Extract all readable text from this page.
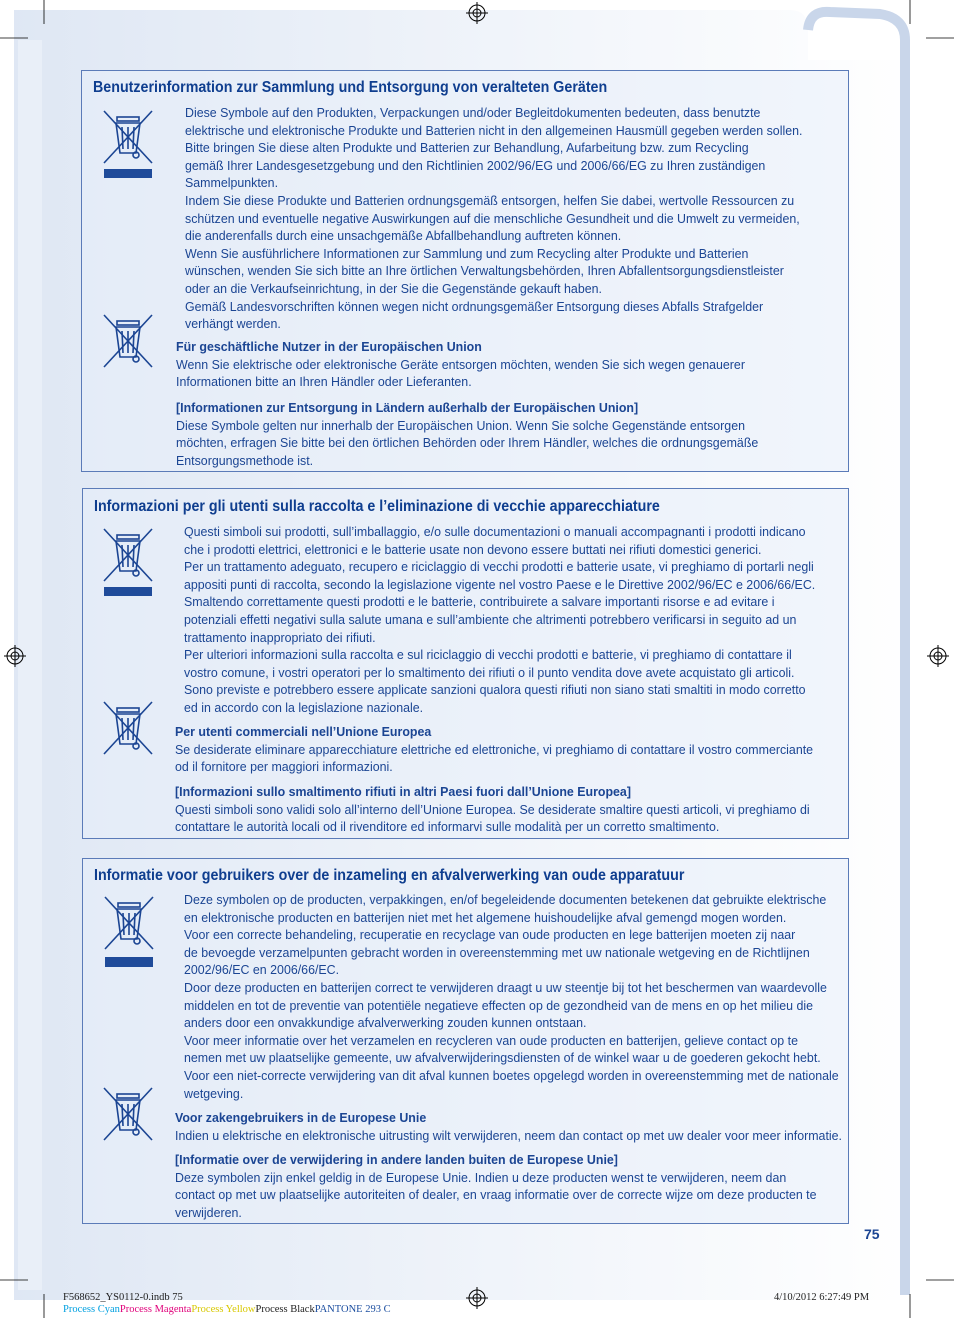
Benutzerinformation zur Sammlung und Entsorgung von veralteten Geräten
Diese Symbole auf den Produkten, Verpackungen und/oder Begleitdokumenten bedeuten, dass benutzte
elektrische und elektronische Produkte und Batterien nicht in den allgemeinen Hausmüll gegeben werden sollen.
Bitte bringen Sie diese alten Produkte und Batterien zur Behandlung, Aufarbeitung bzw. zum Recycling
gemäß Ihrer Landesgesetzgebung und den Richtlinien 2002/96/EG und 2006/66/EG zu Ihren zuständigen
Sammelpunkten.
Indem Sie diese Produkte und Batterien ordnungsgemäß entsorgen, helfen Sie dabei, wertvolle Ressourcen zu
schützen und eventuelle negative Auswirkungen auf die menschliche Gesundheit und die Umwelt zu vermeiden,
die anderenfalls durch eine unsachgemäße Abfallbehandlung auftreten können.
Wenn Sie ausführlichere Informationen zur Sammlung und zum Recycling alter Produkte und Batterien
wünschen, wenden Sie sich bitte an Ihre örtlichen Verwaltungsbehörden, Ihren Abfallentsorgungsdienstleister
oder an die Verkaufseinrichtung, in der Sie die Gegenstände gekauft haben.
Gemäß Landesvorschriften können wegen nicht ordnungsgemäßer Entsorgung dieses Abfalls Strafgelder
verhängt werden.
Für geschäftliche Nutzer in der Europäischen Union
Wenn Sie elektrische oder elektronische Geräte entsorgen möchten, wenden Sie sich wegen genauerer
Informationen bitte an Ihren Händler oder Lieferanten.
[Informationen zur Entsorgung in Ländern außerhalb der Europäischen Union]
Diese Symbole gelten nur innerhalb der Europäischen Union. Wenn Sie solche Gegenstände entsorgen
möchten, erfragen Sie bitte bei den örtlichen Behörden oder Ihrem Händler, welches die ordnungsgemäße
Entsorgungsmethode ist.
Informazioni per gli utenti sulla raccolta e l’eliminazione di vecchie apparecchiature
Questi simboli sui prodotti, sull’imballaggio, e/o sulle documentazioni o manuali accompagnanti i prodotti indicano
che i prodotti elettrici, elettronici e le batterie usate non devono essere buttati nei rifiuti domestici generici.
Per un trattamento adeguato, recupero e riciclaggio di vecchi prodotti e batterie usate, vi preghiamo di portarli negli
appositi punti di raccolta, secondo la legislazione vigente nel vostro Paese e le Direttive 2002/96/EC e 2006/66/EC.
Smaltendo correttamente questi prodotti e le batterie, contribuirete a salvare importanti risorse e ad evitare i
potenziali effetti negativi sulla salute umana e sull’ambiente che altrimenti potrebbero verificarsi in seguito ad un
trattamento inappropriato dei rifiuti.
Per ulteriori informazioni sulla raccolta e sul riciclaggio di vecchi prodotti e batterie, vi preghiamo di contattare il
vostro comune, i vostri operatori per lo smaltimento dei rifiuti o il punto vendita dove avete acquistato gli articoli.
Sono previste e potrebbero essere applicate sanzioni qualora questi rifiuti non siano stati smaltiti in modo corretto
ed in accordo con la legislazione nazionale.
Per utenti commerciali nell’Unione Europea
Se desiderate eliminare apparecchiature elettriche ed elettroniche, vi preghiamo di contattare il vostro commerciante
od il fornitore per maggiori informazioni.
[Informazioni sullo smaltimento rifiuti in altri Paesi fuori dall’Unione Europea]
Questi simboli sono validi solo all’interno dell’Unione Europea. Se desiderate smaltire questi articoli, vi preghiamo di
contattare le autorità locali od il rivenditore ed informarvi sulle modalità per un corretto smaltimento.
Informatie voor gebruikers over de inzameling en afvalverwerking van oude apparatuur
Deze symbolen op de producten, verpakkingen, en/of begeleidende documenten betekenen dat gebruikte elektrische
en elektronische producten en batterijen niet met het algemene huishoudelijke afval gemengd mogen worden.
Voor een correcte behandeling, recuperatie en recyclage van oude producten en lege batterijen moeten zij naar
de bevoegde verzamelpunten gebracht worden in overeenstemming met uw nationale wetgeving en de Richtlijnen
2002/96/EC en 2006/66/EC.
Door deze producten en batterijen correct te verwijderen draagt u uw steentje bij tot het beschermen van waardevolle
middelen en tot de preventie van potentiële negatieve effecten op de gezondheid van de mens en op het milieu die
anders door een onvakkundige afvalverwerking zouden kunnen ontstaan.
Voor meer informatie over het verzamelen en recycleren van oude producten en batterijen, gelieve contact op te
nemen met uw plaatselijke gemeente, uw afvalverwijderingsdiensten of de winkel waar u de goederen gekocht hebt.
Voor een niet-correcte verwijdering van dit afval kunnen boetes opgelegd worden in overeenstemming met de nationale
wetgeving.
Voor zakengebruikers in de Europese Unie
Indien u elektrische en elektronische uitrusting wilt verwijderen, neem dan contact op met uw dealer voor meer informatie.
[Informatie over de verwijdering in andere landen buiten de Europese Unie]
Deze symbolen zijn enkel geldig in de Europese Unie. Indien u deze producten wenst te verwijderen, neem dan
contact op met uw plaatselijke autoriteiten of dealer, en vraag informatie over de correcte wijze om deze producten te
verwijderen.
75
F568652_YS0112-0.indb 75	4/10/2012 6:27:49 PM
Process CyanProcess MagentaProcess YellowProcess BlackPANTONE 293 C
